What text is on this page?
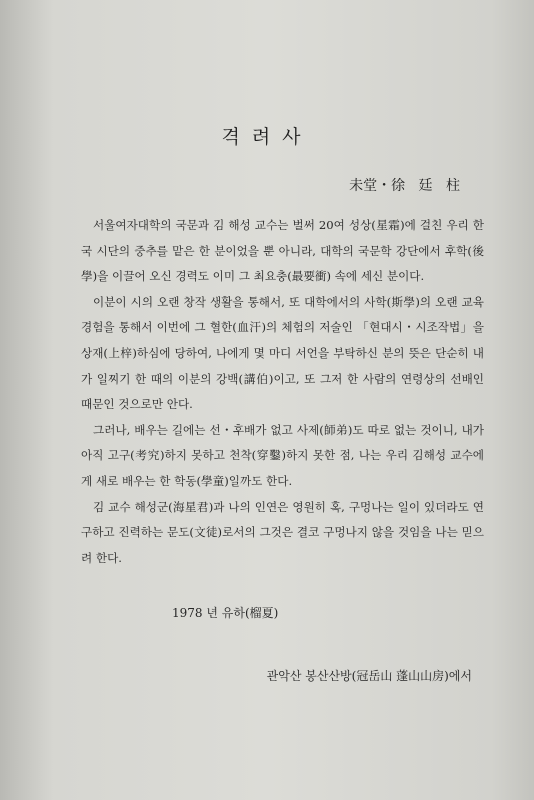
격려사
未堂・徐 廷 柱

서울여자대학의 국문과 김 해성 교수는 벌써 20여 성상(星霜)에 걸친 우리 한국 시단의 중추를 맡은 한 분이었을 뿐 아니라, 대학의 국문학 강단에서 후학(後學)을 이끌어 오신 경력도 이미 그 최요충(最要衝) 속에 세신 분이다.

이분이 시의 오랜 창작 생활을 통해서, 또 대학에서의 사학(斯學)의 오랜 교육 경험을 통해서 이번에 그 혈한(血汗)의 체험의 저술인 「현대시・시조작법」을 상재(上梓)하심에 당하여, 나에게 몇 마디 서언을 부탁하신 분의 뜻은 단순히 내가 일찌기 한 때의 이분의 강백(講伯)이고, 또 그저 한 사람의 연령상의 선배인 때문인 것으로만 안다.

그러나, 배우는 길에는 선・후배가 없고 사제(師弟)도 따로 없는 것이니, 내가 아직 고구(考究)하지 못하고 천착(穿鑿)하지 못한 점, 나는 우리 김해성 교수에게 새로 배우는 한 학동(學童)일까도 한다.

김 교수 해성군(海星君)과 나의 인연은 영원히 혹, 구멍나는 일이 있더라도 연구하고 진력하는 문도(文徒)로서의 그것은 결코 구멍나지 않을 것임을 나는 믿으려 한다.

1978 년 유하(榴夏)
관악산 봉산산방(冠岳山 蓬山山房)에서
